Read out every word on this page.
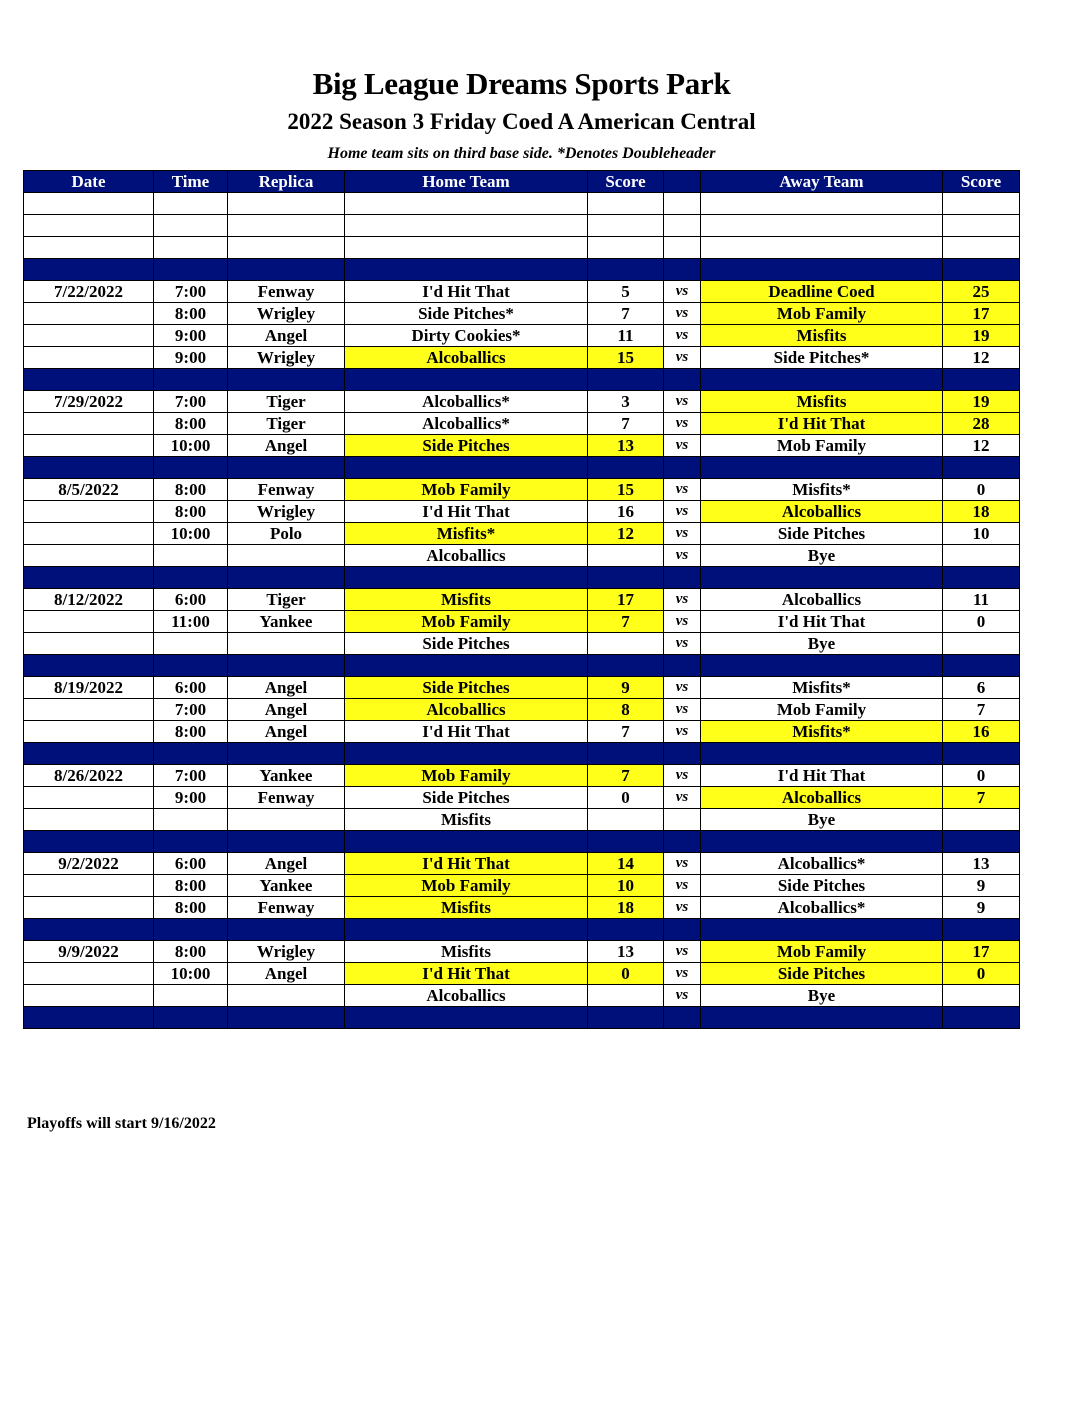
Big League Dreams Sports Park
2022 Season 3 Friday Coed A American Central
Home team sits on third base side. *Denotes Doubleheader
Date	Time	Replica	Home Team	Score		Away Team	Score

7/22/2022	7:00	Fenway	I'd Hit That	5	vs	Deadline Coed	25
	8:00	Wrigley	Side Pitches*	7	vs	Mob Family	17
	9:00	Angel	Dirty Cookies*	11	vs	Misfits	19
	9:00	Wrigley	Alcoballics	15	vs	Side Pitches*	12

7/29/2022	7:00	Tiger	Alcoballics*	3	vs	Misfits	19
	8:00	Tiger	Alcoballics*	7	vs	I'd Hit That	28
	10:00	Angel	Side Pitches	13	vs	Mob Family	12

8/5/2022	8:00	Fenway	Mob Family	15	vs	Misfits*	0
	8:00	Wrigley	I'd Hit That	16	vs	Alcoballics	18
	10:00	Polo	Misfits*	12	vs	Side Pitches	10
			Alcoballics		vs	Bye	

8/12/2022	6:00	Tiger	Misfits	17	vs	Alcoballics	11
	11:00	Yankee	Mob Family	7	vs	I'd Hit That	0
			Side Pitches		vs	Bye	

8/19/2022	6:00	Angel	Side Pitches	9	vs	Misfits*	6
	7:00	Angel	Alcoballics	8	vs	Mob Family	7
	8:00	Angel	I'd Hit That	7	vs	Misfits*	16

8/26/2022	7:00	Yankee	Mob Family	7	vs	I'd Hit That	0
	9:00	Fenway	Side Pitches	0	vs	Alcoballics	7
			Misfits			Bye	

9/2/2022	6:00	Angel	I'd Hit That	14	vs	Alcoballics*	13
	8:00	Yankee	Mob Family	10	vs	Side Pitches	9
	8:00	Fenway	Misfits	18	vs	Alcoballics*	9

9/9/2022	8:00	Wrigley	Misfits	13	vs	Mob Family	17
	10:00	Angel	I'd Hit That	0	vs	Side Pitches	0
			Alcoballics		vs	Bye	

Playoffs will start 9/16/2022
